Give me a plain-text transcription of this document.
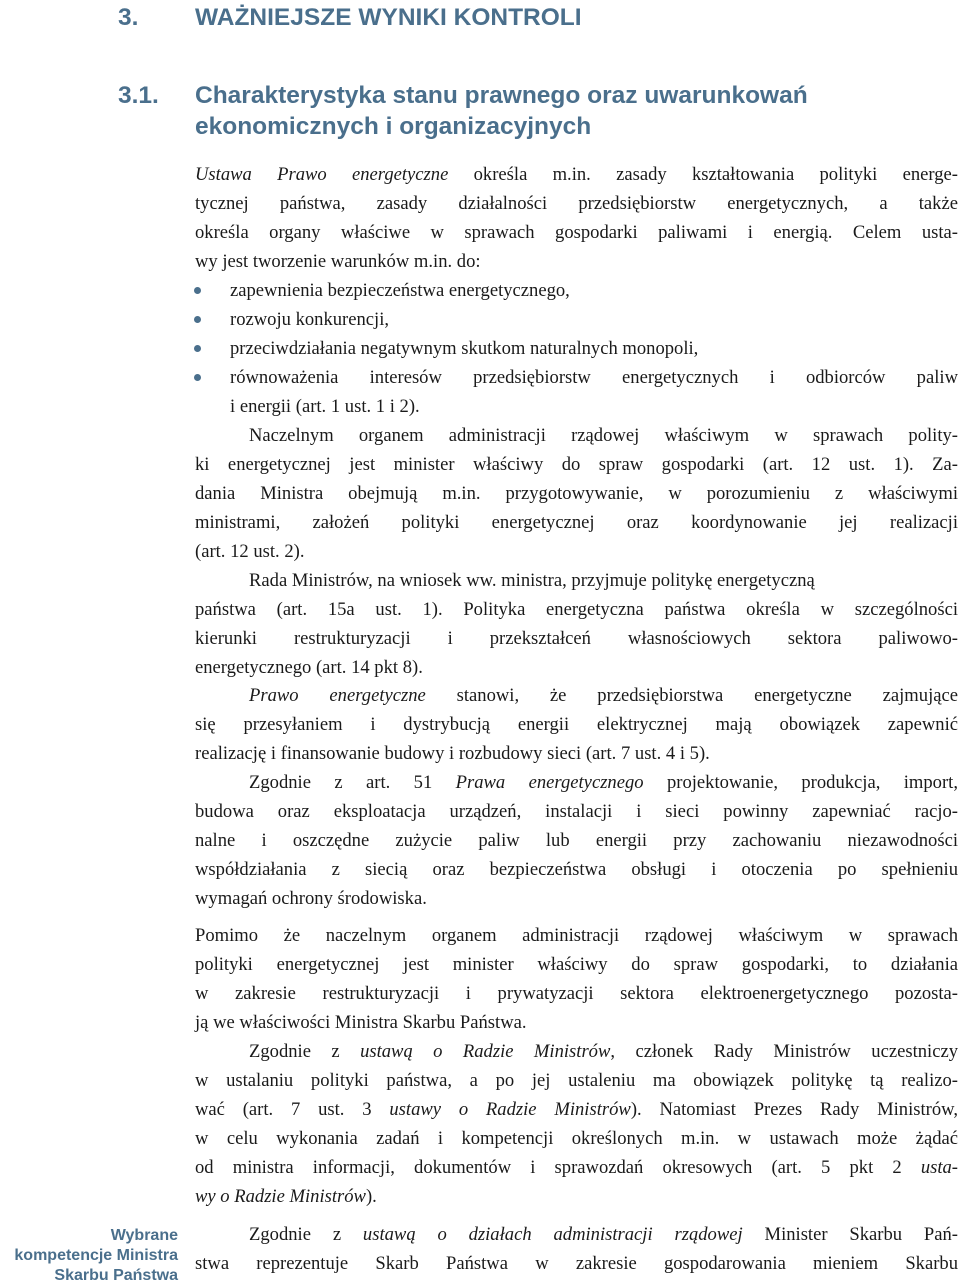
3. WAŻNIEJSZE WYNIKI KONTROLI
3.1. Charakterystyka stanu prawnego oraz uwarunkowań
ekonomicznych i organizacyjnych
Ustawa Prawo energetyczne określa m.in. zasady kształtowania polityki energe-
tycznej państwa, zasady działalności przedsiębiorstw energetycznych, a także
określa organy właściwe w sprawach gospodarki paliwami i energią. Celem usta-
wy jest tworzenie warunków m.in. do:
zapewnienia bezpieczeństwa energetycznego,
rozwoju konkurencji,
przeciwdziałania negatywnym skutkom naturalnych monopoli,
równoważenia interesów przedsiębiorstw energetycznych i odbiorców paliw
i energii (art. 1 ust. 1 i 2).
Naczelnym organem administracji rządowej właściwym w sprawach polity-
ki energetycznej jest minister właściwy do spraw gospodarki (art. 12 ust. 1). Za-
dania Ministra obejmują m.in. przygotowywanie, w porozumieniu z właściwymi
ministrami, założeń polityki energetycznej oraz koordynowanie jej realizacji
(art. 12 ust. 2).
Rada Ministrów, na wniosek ww. ministra, przyjmuje politykę energetyczną
państwa (art. 15a ust. 1). Polityka energetyczna państwa określa w szczególności
kierunki restrukturyzacji i przekształceń własnościowych sektora paliwowo-
energetycznego (art. 14 pkt 8).
Prawo energetyczne stanowi, że przedsiębiorstwa energetyczne zajmujące
się przesyłaniem i dystrybucją energii elektrycznej mają obowiązek zapewnić
realizację i finansowanie budowy i rozbudowy sieci (art. 7 ust. 4 i 5).
Zgodnie z art. 51 Prawa energetycznego projektowanie, produkcja, import,
budowa oraz eksploatacja urządzeń, instalacji i sieci powinny zapewniać racjo-
nalne i oszczędne zużycie paliw lub energii przy zachowaniu niezawodności
współdziałania z siecią oraz bezpieczeństwa obsługi i otoczenia po spełnieniu
wymagań ochrony środowiska.
Pomimo że naczelnym organem administracji rządowej właściwym w sprawach
polityki energetycznej jest minister właściwy do spraw gospodarki, to działania
w zakresie restrukturyzacji i prywatyzacji sektora elektroenergetycznego pozosta-
ją we właściwości Ministra Skarbu Państwa.
Zgodnie z ustawą o Radzie Ministrów, członek Rady Ministrów uczestniczy
w ustalaniu polityki państwa, a po jej ustaleniu ma obowiązek politykę tą realizo-
wać (art. 7 ust. 3 ustawy o Radzie Ministrów). Natomiast Prezes Rady Ministrów,
w celu wykonania zadań i kompetencji określonych m.in. w ustawach może żądać
od ministra informacji, dokumentów i sprawozdań okresowych (art. 5 pkt 2 usta-
wy o Radzie Ministrów).
Zgodnie z ustawą o działach administracji rządowej Minister Skarbu Pań-
stwa reprezentuje Skarb Państwa w zakresie gospodarowania mieniem Skarbu
Wybrane
kompetencje Ministra
Skarbu Państwa
